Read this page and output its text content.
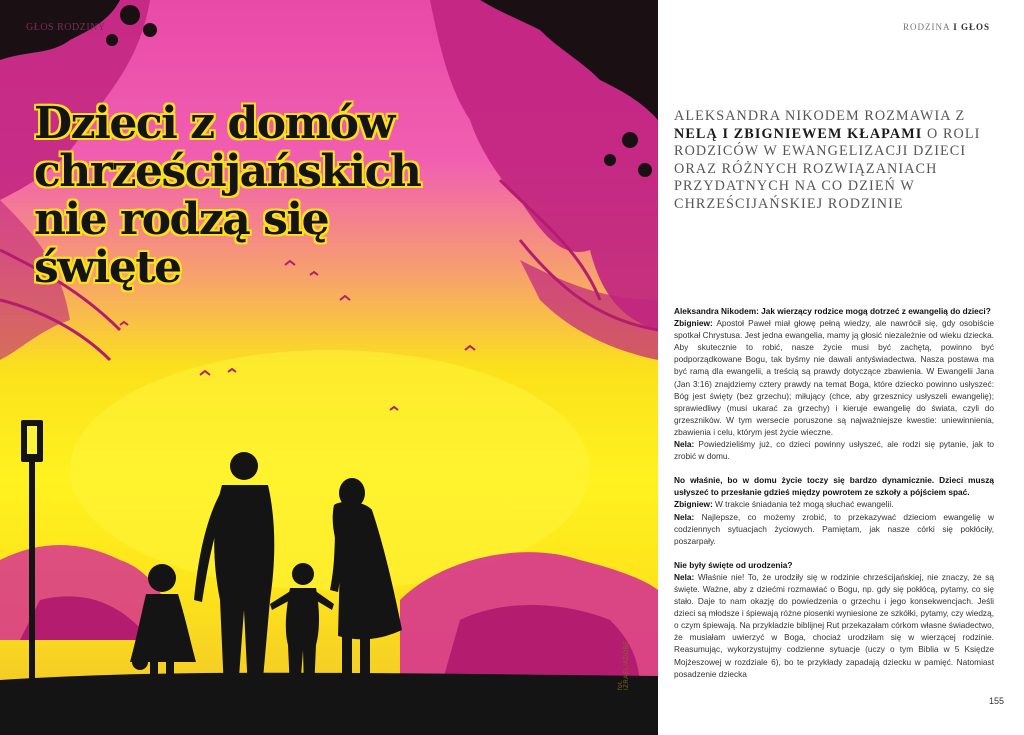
GŁOS RODZINY
Dzieci z domów
chrześcijańskich
nie rodzą się
święte
fot. IZRAEL/ADOBE
RODZINA I GŁOS

ALEKSANDRA NIKODEM ROZMAWIA Z NELĄ I ZBIGNIEWEM KŁAPAMI O ROLI RODZICÓW W EWANGELIZACJI DZIECI ORAZ RÓŻNYCH ROZWIĄZANIACH PRZYDATNYCH NA CO DZIEŃ W CHRZEŚCIJAŃSKIEJ RODZINIE

Aleksandra Nikodem: Jak wierzący rodzice mogą dotrzeć z ewangelią do dzieci?

Zbigniew: Apostoł Paweł miał głowę pełną wiedzy, ale nawrócił się, gdy osobiście spotkał Chrystusa. Jest jedna ewangelia, mamy ją głosić niezależnie od wieku dziecka. Aby skutecznie to robić, nasze życie musi być zachętą, powinno być podporządkowane Bogu, tak byśmy nie dawali antyświadectwa. Nasza postawa ma być ramą dla ewangelii, a treścią są prawdy dotyczące zbawienia. W Ewangelii Jana (Jan 3:16) znajdziemy cztery prawdy na temat Boga, które dziecko powinno usłyszeć: Bóg jest święty (bez grzechu); miłujący (chce, aby grzesznicy usłyszeli ewangelię); sprawiedliwy (musi ukarać za grzechy) i kieruje ewangelię do świata, czyli do grzeszników. W tym wersecie poruszone są najważniejsze kwestie: uniewinnienia, zbawienia i celu, którym jest życie wieczne.

Nela: Powiedzieliśmy już, co dzieci powinny usłyszeć, ale rodzi się pytanie, jak to zrobić w domu.

No właśnie, bo w domu życie toczy się bardzo dynamicznie. Dzieci muszą usłyszeć to przesłanie gdzieś między powrotem ze szkoły a pójściem spać.

Zbigniew: W trakcie śniadania też mogą słuchać ewangelii.

Nela: Najlepsze, co możemy zrobić, to przekazywać dzieciom ewangelię w codziennych sytuacjach życiowych. Pamiętam, jak nasze córki się pokłóciły, poszarpały.

Nie były święte od urodzenia?

Nela: Właśnie nie! To, że urodziły się w rodzinie chrześcijańskiej, nie znaczy, że są święte. Ważne, aby z dziećmi rozmawiać o Bogu, np. gdy się pokłócą, pytamy, co się stało. Daje to nam okazję do powiedzenia o grzechu i jego konsekwencjach. Jeśli dzieci są młodsze i śpiewają różne piosenki wyniesione ze szkółki, pytamy, czy wiedzą, o czym śpiewają. Na przykładzie biblijnej Rut przekazałam córkom własne świadectwo, że musiałam uwierzyć w Boga, chociaż urodziłam się w wierzącej rodzinie. Reasumując, wykorzystujmy codzienne sytuacje (uczy o tym Biblia w 5 Księdze Mojżeszowej w rozdziale 6), bo te przykłady zapadają dziecku w pamięć. Natomiast posadzenie dziecka

155
